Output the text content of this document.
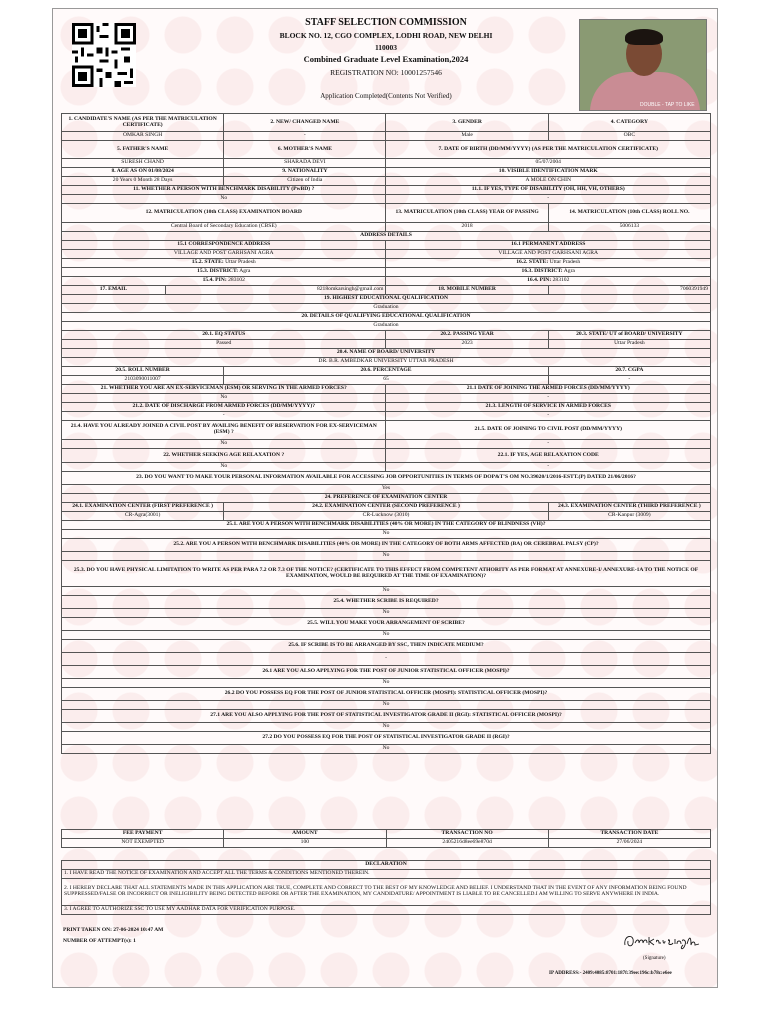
STAFF SELECTION COMMISSION
BLOCK NO. 12, CGO COMPLEX, LODHI ROAD, NEW DELHI
110003
Combined Graduate Level Examination,2024
REGISTRATION NO: 10001257546
Application Completed(Contents Not Verified)
DOUBLE - TAP TO LIKE
1. CANDIDATE'S NAME (AS PER THE MATRICULATION CERTIFICATE)		2. NEW/ CHANGED NAME	3. GENDER	4. CATEGORY
OMKAR SINGH		-	Male	OBC
5. FATHER'S NAME		6. MOTHER'S NAME	7. DATE OF BIRTH (DD/MM/YYYY) (AS PER THE MATRICULATION CERTIFICATE)	
SURESH CHAND		SHARADA DEVI	05/07/2004	
8. AGE AS ON 01/08/2024		9. NATIONALITY	10. VISIBLE IDENTIFICATION MARK	
20 Years 0 Month 28 Days		Citizen of India	A MOLE ON CHIN	
11. WHETHER A PERSON WITH BENCHMARK DISABILITY (PwBD) ?			11.1. IF YES, TYPE OF DISABILITY (OH, HH, VH, OTHERS)	
No			-	
12. MATRICULATION (10th CLASS) EXAMINATION BOARD			13. MATRICULATION (10th CLASS) YEAR OF PASSING	14. MATRICULATION (10th CLASS) ROLL NO.
Central Board of Secondary Education (CBSE)			2018	5006133
ADDRESS DETAILS				
15.1 CORRESPONDENCE ADDRESS			16.1 PERMANENT ADDRESS	
VILLAGE AND POST GARHSANI AGRA			VILLAGE AND POST GARHSANI AGRA	
15.2. STATE: Uttar Pradesh			16.2. STATE: Uttar Pradesh	
15.3. DISTRICT: Agra			16.3. DISTRICT: Agra	
15.4. PIN: 283102			16.4. PIN: 283102	
17. EMAIL	8218omkarsingh@gmail.com		18. MOBILE NUMBER	7060391949
19. HIGHEST EDUCATIONAL QUALIFICATION				
Graduation				
20. DETAILS OF QUALIFYING EDUCATIONAL QUALIFICATION				
Graduation				
20.1. EQ STATUS			20.2. PASSING YEAR	20.3. STATE/ UT of BOARD/ UNIVERSITY
Passed			2023	Uttar Pradesh
20.4. NAME OF BOARD/ UNIVERSITY				
DR. B.R. AMBEDKAR UNIVERSITY UTTAR PRADESH				
20.5. ROLL NUMBER		20.6. PERCENTAGE		20.7. CGPA
2103090011007		65		-
21. WHETHER YOU ARE AN EX-SERVICEMAN (ESM) OR SERVING IN THE ARMED FORCES?			21.1 DATE OF JOINING THE ARMED FORCES (DD/MM/YYYY)	
No			-	
21.2. DATE OF DISCHARGE FROM ARMED FORCES (DD/MM/YYYY)?			21.3. LENGTH OF SERVICE IN ARMED FORCES	
-			-	
21.4. HAVE YOU ALREADY JOINED A CIVIL POST BY AVAILING BENEFIT OF RESERVATION FOR EX-SERVICEMAN (ESM) ?			21.5. DATE OF JOINING TO CIVIL POST (DD/MM/YYYY)	
No			-	
22. WHETHER SEEKING AGE RELAXATION ?			22.1. IF YES, AGE RELAXATION CODE	
No			-	
23. DO YOU WANT TO MAKE YOUR PERSONAL INFORMATION AVAILABLE FOR ACCESSING JOB OPPORTUNITIES IN TERMS OF DOP&T'S OM NO.39020/1/2016-ESTT.(P) DATED 21/06/2016?				
Yes				
24. PREFERENCE OF EXAMINATION CENTER				
24.1. EXAMINATION CENTER (FIRST PREFERENCE )		24.2. EXAMINATION CENTER (SECOND PREFERENCE )		24.3. EXAMINATION CENTER (THIRD PREFERENCE )
CR-Agra(3001)		CR-Lucknow (3010)		CR-Kanpur (3009)
25.1. ARE YOU A PERSON WITH BENCHMARK DISABILITIES (40% OR MORE) IN THE CATEGORY OF BLINDNESS (VH)?				
No				
25.2. ARE YOU A PERSON WITH BENCHMARK DISABILITIES (40% OR MORE) IN THE CATEGORY OF BOTH ARMS AFFECTED (BA) OR CEREBRAL PALSY (CP)?				
No				
25.3. DO YOU HAVE PHYSICAL LIMITATION TO WRITE AS PER PARA 7.2 OR 7.3 OF THE NOTICE? (CERTIFICATE TO THIS EFFECT FROM COMPETENT ATHORITY AS PER FORMAT AT ANNEXURE-I/ ANNEXURE-1A TO THE NOTICE OF EXAMINATION, WOULD BE REQUIRED AT THE TIME OF EXAMINATION)?				
No				
25.4. WHETHER SCRIBE IS REQUIRED?				
No				
25.5. WILL YOU MAKE YOUR ARRANGEMENT OF SCRIBE?				
No				
25.6. IF SCRIBE IS TO BE ARRANGED BY SSC, THEN INDICATE MEDIUM?				
-				
26.1 ARE YOU ALSO APPLYING FOR THE POST OF JUNIOR STATISTICAL OFFICER (MOSPI)?				
No				
26.2 DO YOU POSSESS EQ FOR THE POST OF JUNIOR STATISTICAL OFFICER (MOSPI): STATISTICAL OFFICER (MOSPI)?				
No				
27.1 ARE YOU ALSO APPLYING FOR THE POST OF STATISTICAL INVESTIGATOR GRADE II (RGI): STATISTICAL OFFICER (MOSPI)?				
No				
27.2 DO YOU POSSESS EQ FOR THE POST OF STATISTICAL INVESTIGATOR GRADE II (RGI)?				
No				
FEE PAYMENT	AMOUNT	TRANSACTION NO	TRANSACTION DATE
NOT EXEMPTED	100	2405216d8ee69e870d	27/06/2024
DECLARATION
1. I HAVE READ THE NOTICE OF EXAMINATION AND ACCEPT ALL THE TERMS & CONDITIONS MENTIONED THEREIN.
2. I HEREBY DECLARE THAT ALL STATEMENTS MADE IN THIS APPLICATION ARE TRUE, COMPLETE AND CORRECT TO THE BEST OF MY KNOWLEDGE AND BELIEF. I UNDERSTAND THAT IN THE EVENT OF ANY INFORMATION BEING FOUND SUPPRESSED/FALSE OR INCORRECT OR INELIGIBILITY BEING DETECTED BEFORE OR AFTER THE EXAMINATION, MY CANDIDATURE/ APPOINTMENT IS LIABLE TO BE CANCELLED.I AM WILLING TO SERVE ANYWHERE IN INDIA.
3. I AGREE TO AUTHORIZE SSC TO USE MY AADHAR DATA FOR VERIFICATION PURPOSE.
PRINT TAKEN ON: 27-06-2024 10:47 AM
NUMBER OF ATTEMPT(s): 1
(Signature)
IP ADDRESS:- 2409:4085:8701:187f:39ee:196c:b78c:e6ee
